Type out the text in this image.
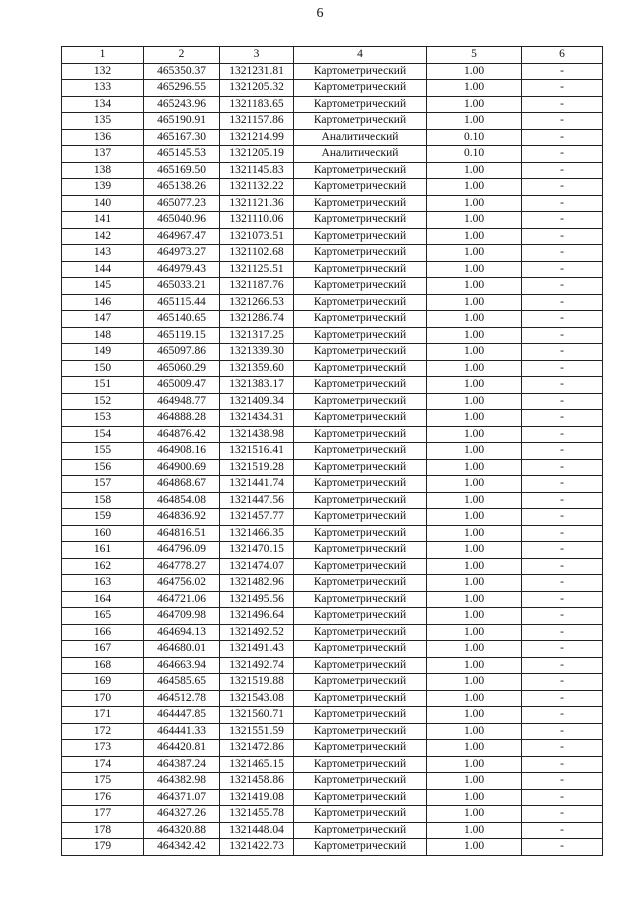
6
1	2	3	4	5	6
132	465350.37	1321231.81	Картометрический	1.00	-
133	465296.55	1321205.32	Картометрический	1.00	-
134	465243.96	1321183.65	Картометрический	1.00	-
135	465190.91	1321157.86	Картометрический	1.00	-
136	465167.30	1321214.99	Аналитический	0.10	-
137	465145.53	1321205.19	Аналитический	0.10	-
138	465169.50	1321145.83	Картометрический	1.00	-
139	465138.26	1321132.22	Картометрический	1.00	-
140	465077.23	1321121.36	Картометрический	1.00	-
141	465040.96	1321110.06	Картометрический	1.00	-
142	464967.47	1321073.51	Картометрический	1.00	-
143	464973.27	1321102.68	Картометрический	1.00	-
144	464979.43	1321125.51	Картометрический	1.00	-
145	465033.21	1321187.76	Картометрический	1.00	-
146	465115.44	1321266.53	Картометрический	1.00	-
147	465140.65	1321286.74	Картометрический	1.00	-
148	465119.15	1321317.25	Картометрический	1.00	-
149	465097.86	1321339.30	Картометрический	1.00	-
150	465060.29	1321359.60	Картометрический	1.00	-
151	465009.47	1321383.17	Картометрический	1.00	-
152	464948.77	1321409.34	Картометрический	1.00	-
153	464888.28	1321434.31	Картометрический	1.00	-
154	464876.42	1321438.98	Картометрический	1.00	-
155	464908.16	1321516.41	Картометрический	1.00	-
156	464900.69	1321519.28	Картометрический	1.00	-
157	464868.67	1321441.74	Картометрический	1.00	-
158	464854.08	1321447.56	Картометрический	1.00	-
159	464836.92	1321457.77	Картометрический	1.00	-
160	464816.51	1321466.35	Картометрический	1.00	-
161	464796.09	1321470.15	Картометрический	1.00	-
162	464778.27	1321474.07	Картометрический	1.00	-
163	464756.02	1321482.96	Картометрический	1.00	-
164	464721.06	1321495.56	Картометрический	1.00	-
165	464709.98	1321496.64	Картометрический	1.00	-
166	464694.13	1321492.52	Картометрический	1.00	-
167	464680.01	1321491.43	Картометрический	1.00	-
168	464663.94	1321492.74	Картометрический	1.00	-
169	464585.65	1321519.88	Картометрический	1.00	-
170	464512.78	1321543.08	Картометрический	1.00	-
171	464447.85	1321560.71	Картометрический	1.00	-
172	464441.33	1321551.59	Картометрический	1.00	-
173	464420.81	1321472.86	Картометрический	1.00	-
174	464387.24	1321465.15	Картометрический	1.00	-
175	464382.98	1321458.86	Картометрический	1.00	-
176	464371.07	1321419.08	Картометрический	1.00	-
177	464327.26	1321455.78	Картометрический	1.00	-
178	464320.88	1321448.04	Картометрический	1.00	-
179	464342.42	1321422.73	Картометрический	1.00	-
